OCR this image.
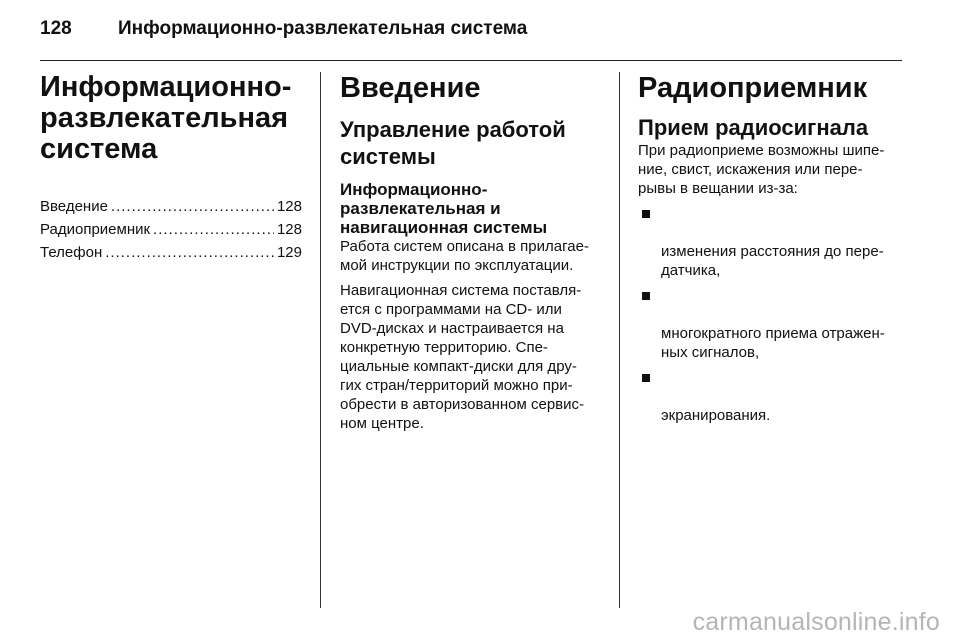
128 Информационно-развлекательная система
Информационно-
развлекательная
система
Введение .....	128
Радиоприемник .....	128
Телефон .....	129
Введение
Управление работой системы
Информационно-развлекательная и навигационная системы

Работа систем описана в прилагае-
мой инструкции по эксплуатации.

Навигационная система поставля-
ется с программами на CD- или
DVD-дисках и настраивается на
конкретную территорию. Спе-
циальные компакт-диски для дру-
гих стран/территорий можно при-
обрести в авторизованном сервис-
ном центре.

Радиоприемник
Прием радиосигнала

При радиоприеме возможны шипе-
ние, свист, искажения или пере-
рывы в вещании из-за:

изменения расстояния до пере-
датчика,

многократного приема отражен-
ных сигналов,

экранирования.

carmanualsonline.info
